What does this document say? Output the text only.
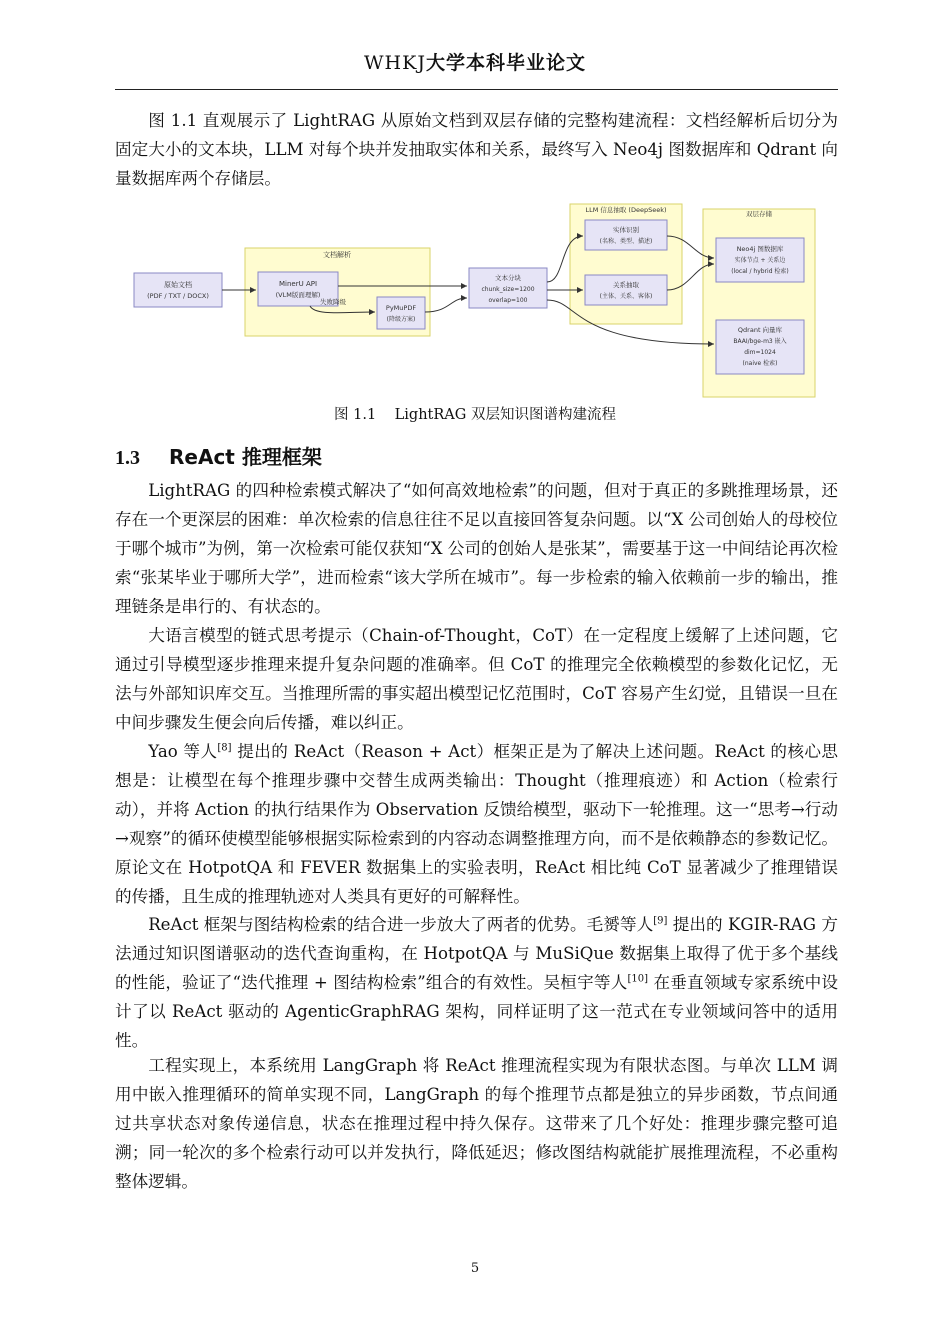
WHKJ大学本科毕业论文

图 1.1 直观展示了 LightRAG 从原始文档到双层存储的完整构建流程：文档经解析后切分为固定大小的文本块，LLM 对每个块并发抽取实体和关系，最终写入 Neo4j 图数据库和 Qdrant 向量数据库两个存储层。

文档解析
LLM 信息抽取 (DeepSeek)	双层存储
原始文档
(PDF / TXT / DOCX)
MinerU API
(VLM版面理解)
PyMuPDF
(降级方案)
文本分块
chunk_size=1200
overlap=100
实体识别
(名称、类型、描述)
关系抽取
(主体、关系、客体)
Neo4j 图数据库
实体节点 + 关系边
(local / hybrid 检索)
Qdrant 向量库
BAAI/bge-m3 嵌入
dim=1024
(naive 检索)
失败降级
图 1.1    LightRAG 双层知识图谱构建流程
1.3 ReAct 推理框架

LightRAG 的四种检索模式解决了“如何高效地检索”的问题，但对于真正的多跳推理场景，还存在一个更深层的困难：单次检索的信息往往不足以直接回答复杂问题。以“X 公司创始人的母校位于哪个城市”为例，第一次检索可能仅获知“X 公司的创始人是张某”，需要基于这一中间结论再次检索“张某毕业于哪所大学”，进而检索“该大学所在城市”。每一步检索的输入依赖前一步的输出，推理链条是串行的、有状态的。

大语言模型的链式思考提示（Chain-of-Thought，CoT）在一定程度上缓解了上述问题，它通过引导模型逐步推理来提升复杂问题的准确率。但 CoT 的推理完全依赖模型的参数化记忆，无法与外部知识库交互。当推理所需的事实超出模型记忆范围时，CoT 容易产生幻觉，且错误一旦在中间步骤发生便会向后传播，难以纠正。

Yao 等人[8] 提出的 ReAct（Reason + Act）框架正是为了解决上述问题。ReAct 的核心思想是：让模型在每个推理步骤中交替生成两类输出：Thought（推理痕迹）和 Action（检索行动），并将 Action 的执行结果作为 Observation 反馈给模型，驱动下一轮推理。这一“思考→行动→观察”的循环使模型能够根据实际检索到的内容动态调整推理方向，而不是依赖静态的参数记忆。原论文在 HotpotQA 和 FEVER 数据集上的实验表明，ReAct 相比纯 CoT 显著减少了推理错误的传播，且生成的推理轨迹对人类具有更好的可解释性。

ReAct 框架与图结构检索的结合进一步放大了两者的优势。毛赟等人[9] 提出的 KGIR-RAG 方法通过知识图谱驱动的迭代查询重构，在 HotpotQA 与 MuSiQue 数据集上取得了优于多个基线的性能，验证了“迭代推理 + 图结构检索”组合的有效性。吴桓宇等人[10] 在垂直领域专家系统中设计了以 ReAct 驱动的 AgenticGraphRAG 架构，同样证明了这一范式在专业领域问答中的适用性。

工程实现上，本系统用 LangGraph 将 ReAct 推理流程实现为有限状态图。与单次 LLM 调用中嵌入推理循环的简单实现不同，LangGraph 的每个推理节点都是独立的异步函数，节点间通过共享状态对象传递信息，状态在推理过程中持久保存。这带来了几个好处：推理步骤完整可追溯；同一轮次的多个检索行动可以并发执行，降低延迟；修改图结构就能扩展推理流程，不必重构整体逻辑。

5
